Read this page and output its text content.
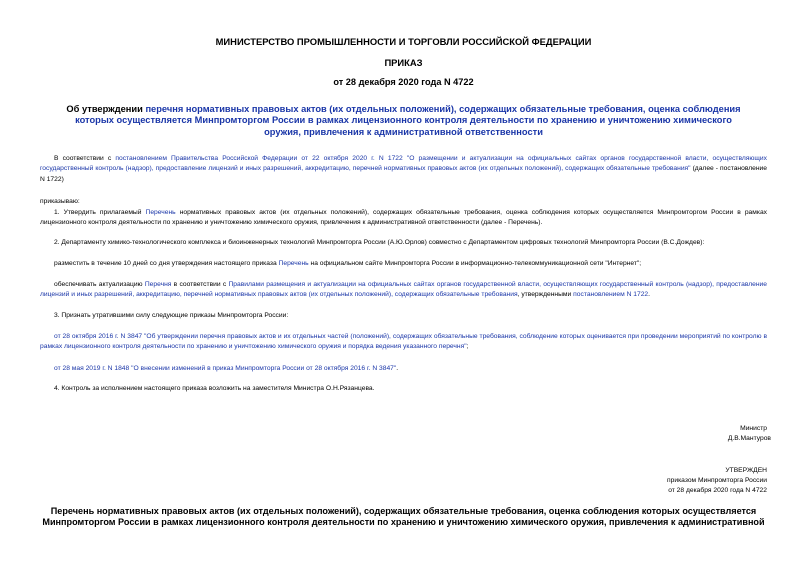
МИНИСТЕРСТВО ПРОМЫШЛЕННОСТИ И ТОРГОВЛИ РОССИЙСКОЙ ФЕДЕРАЦИИ
ПРИКАЗ
от 28 декабря 2020 года N 4722
Об утверждении перечня нормативных правовых актов (их отдельных положений), содержащих обязательные требования, оценка соблюдения которых осуществляется Минпромторгом России в рамках лицензионного контроля деятельности по хранению и уничтожению химического оружия, привлечения к административной ответственности

В соответствии с постановлением Правительства Российской Федерации от 22 октября 2020 г. N 1722 "О размещении и актуализации на официальных сайтах органов государственной власти, осуществляющих государственный контроль (надзор), предоставление лицензий и иных разрешений, аккредитацию, перечней нормативных правовых актов (их отдельных положений), содержащих обязательные требования" (далее - постановление N 1722)

приказываю:

1. Утвердить прилагаемый Перечень нормативных правовых актов (их отдельных положений), содержащих обязательные требования, оценка соблюдения которых осуществляется Минпромторгом России в рамках лицензионного контроля деятельности по хранению и уничтожению химического оружия, привлечения к административной ответственности (далее - Перечень).

2. Департаменту химико-технологического комплекса и биоинженерных технологий Минпромторга России (А.Ю.Орлов) совместно с Департаментом цифровых технологий Минпромторга России (В.С.Дождев):

разместить в течение 10 дней со дня утверждения настоящего приказа Перечень на официальном сайте Минпромторга России в информационно-телекоммуникационной сети "Интернет";

обеспечивать актуализацию Перечня в соответствии с Правилами размещения и актуализации на официальных сайтах органов государственной власти, осуществляющих государственный контроль (надзор), предоставление лицензий и иных разрешений, аккредитацию, перечней нормативных правовых актов (их отдельных положений), содержащих обязательные требования, утвержденными постановлением N 1722.

3. Признать утратившими силу следующие приказы Минпромторга России:

от 28 октября 2016 г. N 3847 "Об утверждении перечня правовых актов и их отдельных частей (положений), содержащих обязательные требования, соблюдение которых оценивается при проведении мероприятий по контролю в рамках лицензионного контроля деятельности по хранению и уничтожению химического оружия и порядка ведения указанного перечня";

от 28 мая 2019 г. N 1848 "О внесении изменений в приказ Минпромторга России от 28 октября 2016 г. N 3847".

4. Контроль за исполнением настоящего приказа возложить на заместителя Министра О.Н.Рязанцева.

Министр
Д.В.Мантуров
УТВЕРЖДЕН
приказом Минпромторга России
от 28 декабря 2020 года N 4722
Перечень нормативных правовых актов (их отдельных положений), содержащих обязательные требования, оценка соблюдения которых осуществляется Минпромторгом России в рамках лицензионного контроля деятельности по хранению и уничтожению химического оружия, привлечения к административной
